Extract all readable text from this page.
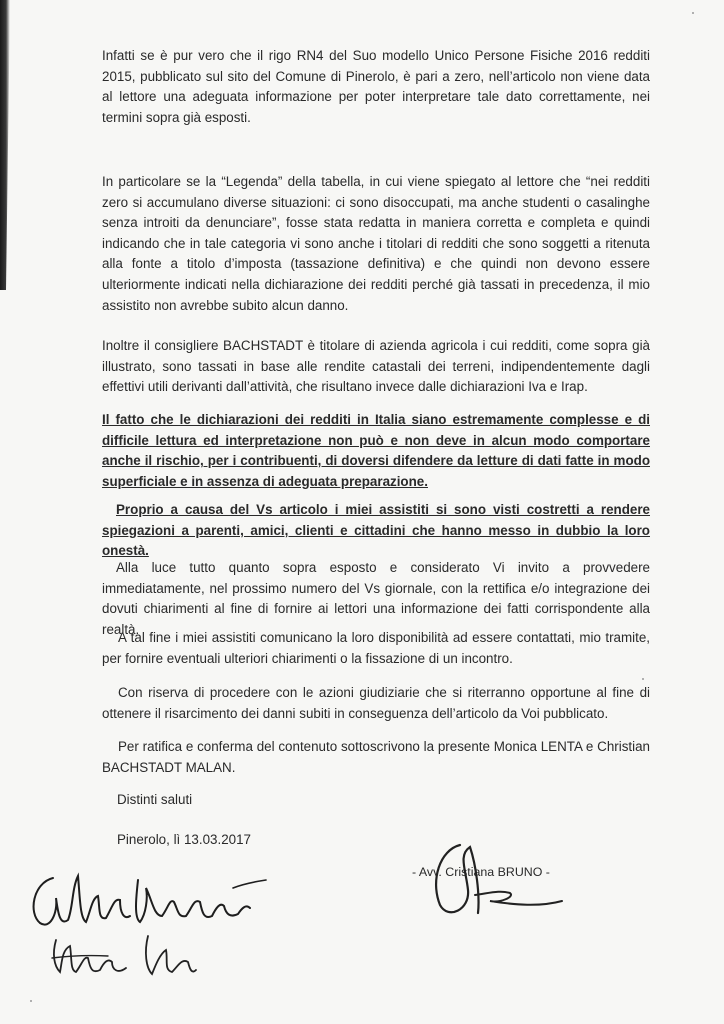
Infatti se è pur vero che il rigo RN4 del Suo modello Unico Persone Fisiche 2016 redditi 2015, pubblicato sul sito del Comune di Pinerolo, è pari a zero, nell’articolo non viene data al lettore una adeguata informazione per poter interpretare tale dato correttamente, nei termini sopra già esposti.

In particolare se la “Legenda” della tabella, in cui viene spiegato al lettore che “nei redditi zero si accumulano diverse situazioni: ci sono disoccupati, ma anche studenti o casalinghe senza introiti da denunciare”, fosse stata redatta in maniera corretta e completa e quindi indicando che in tale categoria vi sono anche i titolari di redditi che sono soggetti a ritenuta alla fonte a titolo d’imposta (tassazione definitiva) e che quindi non devono essere ulteriormente indicati nella dichiarazione dei redditi perché già tassati in precedenza, il mio assistito non avrebbe subito alcun danno.

Inoltre il consigliere BACHSTADT è titolare di azienda agricola i cui redditi, come sopra già illustrato, sono tassati in base alle rendite catastali dei terreni, indipendentemente dagli effettivi utili derivanti dall’attività, che risultano invece dalle dichiarazioni Iva e Irap.

Il fatto che le dichiarazioni dei redditi in Italia siano estremamente complesse e di difficile lettura ed interpretazione non può e non deve in alcun modo comportare anche il rischio, per i contribuenti, di doversi difendere da letture di dati fatte in modo superficiale e in assenza di adeguata preparazione.

Proprio a causa del Vs articolo i miei assistiti si sono visti costretti a rendere spiegazioni a parenti, amici, clienti e cittadini che hanno messo in dubbio la loro onestà.

Alla luce tutto quanto sopra esposto e considerato Vi invito a provvedere immediatamente, nel prossimo numero del Vs giornale, con la rettifica e/o integrazione dei dovuti chiarimenti al fine di fornire ai lettori una informazione dei fatti corrispondente alla realtà.

A tal fine i miei assistiti comunicano la loro disponibilità ad essere contattati, mio tramite, per fornire eventuali ulteriori chiarimenti o la fissazione di un incontro.

Con riserva di procedere con le azioni giudiziarie che si riterranno opportune al fine di ottenere il risarcimento dei danni subiti in conseguenza dell’articolo da Voi pubblicato.

Per ratifica e conferma del contenuto sottoscrivono la presente Monica LENTA e Christian BACHSTADT MALAN.

Distinti saluti

Pinerolo, lì 13.03.2017

- Avv. Cristiana BRUNO -
